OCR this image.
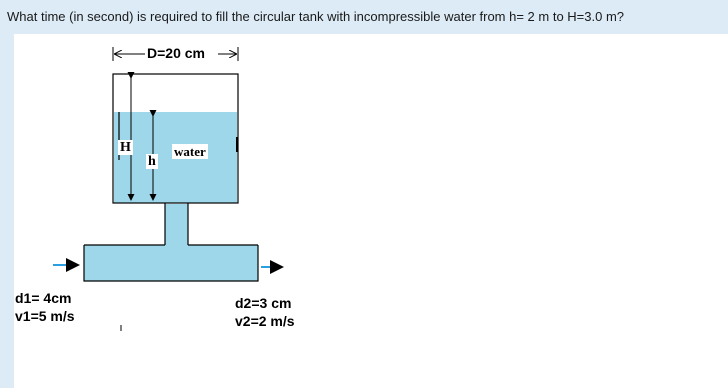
What time (in second) is required to fill the circular tank with incompressible water from h= 2 m to H=3.0 m?
D=20 cm
H
h
water
d1= 4cm
v1=5 m/s
d2=3 cm
v2=2 m/s
